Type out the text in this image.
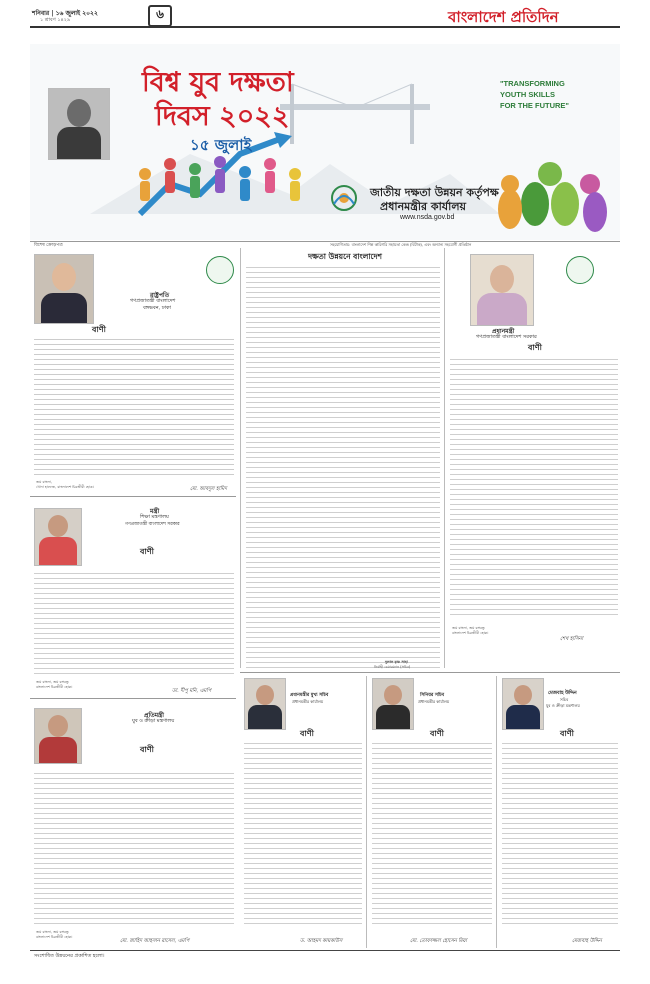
শনিবার | ১৬ জুলাই ২০২২
১ শ্রাবণ ১৪২৯	৬	বাংলাদেশ প্রতিদিন
বিশ্ব যুব দক্ষতা
দিবস ২০২২
১৫ জুলাই
"TRANSFORMING
YOUTH SKILLS
FOR THE FUTURE"
জাতীয় দক্ষতা উন্নয়ন কর্তৃপক্ষ
প্রধানমন্ত্রীর কার্যালয়
www.nsda.gov.bd
বিশেষ ক্রোড়পত্র	সহযোগিতায়: বাংলাদেশ শিল্প কারিগরি সহায়তা কেন্দ্র (বিটাক), এবং অন্যান্য সহযোগী প্রতিষ্ঠান
রাষ্ট্রপতি
গণপ্রজাতন্ত্রী বাংলাদেশ
বঙ্গভবন, ঢাকা
বাণী
জয় বাংলা,
খোদা হাফেজ, বাংলাদেশ চিরজীবী হোক।	মো. আবদুল হামিদ
দক্ষতা উন্নয়নে বাংলাদেশ
দুলাল কৃষ্ণ সাহা
নির্বাহী চেয়ারম্যান (সচিব)
প্রধানমন্ত্রী
গণপ্রজাতন্ত্রী বাংলাদেশ সরকার
বাণী
জয় বাংলা, জয় বঙ্গবন্ধু
বাংলাদেশ চিরজীবী হোক।
শেখ হাসিনা
মন্ত্রী
শিক্ষা মন্ত্রণালয়
গণপ্রজাতন্ত্রী বাংলাদেশ সরকার
বাণী
জয় বাংলা, জয় বঙ্গবন্ধু
বাংলাদেশ চিরজীবী হোক।
ডা. দীপু মনি, এমপি
প্রতিমন্ত্রী
যুব ও ক্রীড়া মন্ত্রণালয়
বাণী
জয় বাংলা, জয় বঙ্গবন্ধু
বাংলাদেশ চিরজীবী হোক।
মো. জাহিদ আহসান রাসেল, এমপি
প্রধানমন্ত্রীর মুখ্য সচিব
প্রধানমন্ত্রীর কার্যালয়
বাণী
ড. আহমদ কায়কাউস
সিনিয়র সচিব
প্রধানমন্ত্রীর কার্যালয়
বাণী
মো. তোফাজ্জল হোসেন মিয়া
মেজবাহ উদ্দিন
সচিব
যুব ও ক্রীড়া মন্ত্রণালয়
বাণী
মেজবাহ উদ্দিন
সংশোধিত উন্নয়নের প্রকাশিত হলো।
